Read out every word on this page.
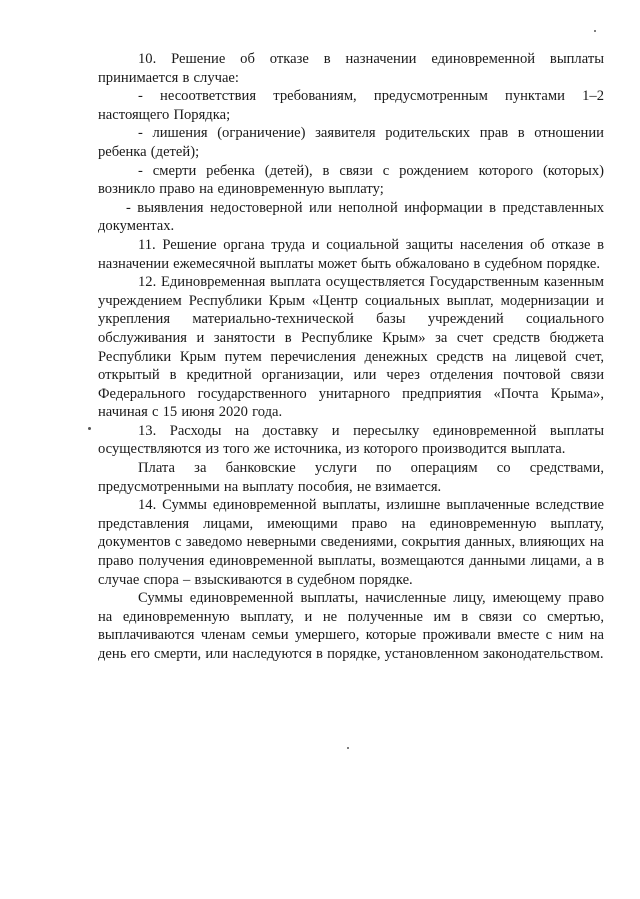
10. Решение об отказе в назначении единовременной выплаты принимается в случае:

- несоответствия требованиям, предусмотренным пунктами 1–2 настоящего Порядка;

- лишения (ограничение) заявителя родительских прав в отношении ребенка (детей);

- смерти ребенка (детей), в связи с рождением которого (которых) возникло право на единовременную выплату;

- выявления недостоверной или неполной информации в представленных документах.

11. Решение органа труда и социальной защиты населения об отказе в назначении ежемесячной выплаты может быть обжаловано в судебном порядке.

12. Единовременная выплата осуществляется Государственным казенным учреждением Республики Крым «Центр социальных выплат, модернизации и укрепления материально-технической базы учреждений социального обслуживания и занятости в Республике Крым» за счет средств бюджета Республики Крым путем перечисления денежных средств на лицевой счет, открытый в кредитной организации, или через отделения почтовой связи Федерального государственного унитарного предприятия «Почта Крыма», начиная с 15 июня 2020 года.

13. Расходы на доставку и пересылку единовременной выплаты осуществляются из того же источника, из которого производится выплата.

Плата за банковские услуги по операциям со средствами, предусмотренными на выплату пособия, не взимается.

14. Суммы единовременной выплаты, излишне выплаченные вследствие представления лицами, имеющими право на единовременную выплату, документов с заведомо неверными сведениями, сокрытия данных, влияющих на право получения единовременной выплаты, возмещаются данными лицами, а в случае спора – взыскиваются в судебном порядке.

Суммы единовременной выплаты, начисленные лицу, имеющему право на единовременную выплату, и не полученные им в связи со смертью, выплачиваются членам семьи умершего, которые проживали вместе с ним на день его смерти, или наследуются в порядке, установленном законодательством.
